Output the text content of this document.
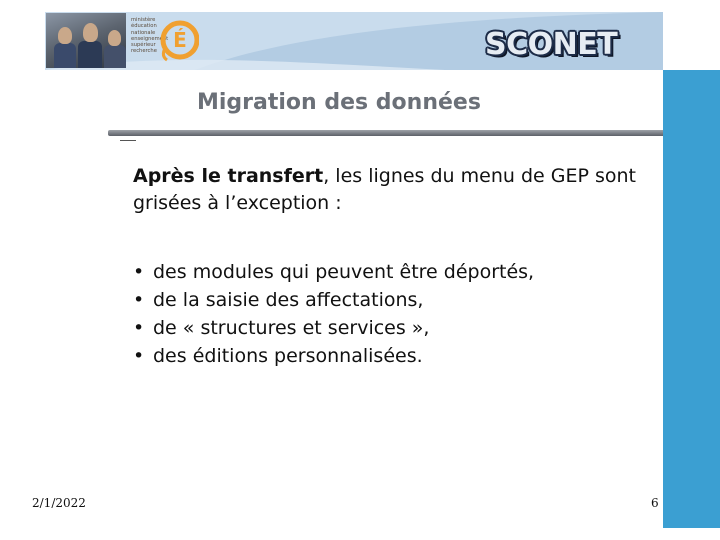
ministère
éducation
nationale
enseignement
supérieur
recherche É	SCONET
Migration des données
Après le transfert, les lignes du menu de GEP sont grisées à l’exception :
• des modules qui peuvent être déportés,
• de la saisie des affectations,
• de « structures et services »,
• des éditions personnalisées.
2/1/2022	6
